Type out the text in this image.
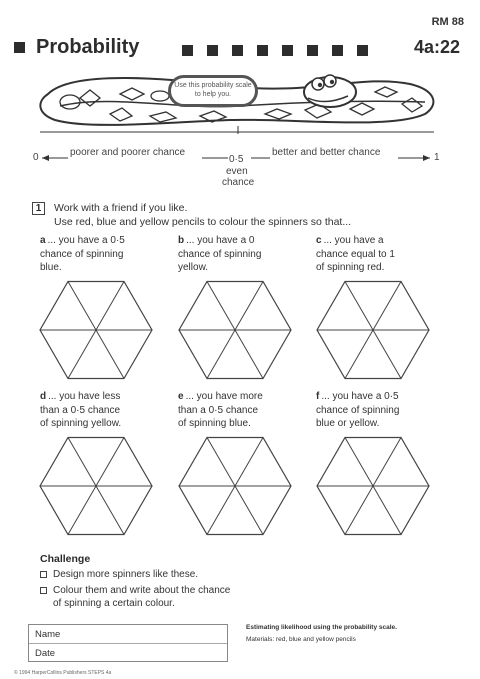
RM 88
Probability	4a:22
Use this probability scale to help you.
0	1
poorer and poorer chance	better and better chance
0·5
even
chance
1	Work with a friend if you like.
Use red, blue and yellow pencils to colour the spinners so that...
a ... you have a 0·5
chance of spinning
blue.
b ... you have a 0
chance of spinning
yellow.
c ... you have a
chance equal to 1
of spinning red.
d ... you have less
than a 0·5 chance
of spinning yellow.
e ... you have more
than a 0·5 chance
of spinning blue.
f ... you have a 0·5
chance of spinning
blue or yellow.
Challenge
Design more spinners like these.
Colour them and write about the chance
of spinning a certain colour.
Name
Date
Estimating likelihood using the probability scale.
Materials: red, blue and yellow pencils
© 1994 HarperCollins Publishers STEPS 4a
